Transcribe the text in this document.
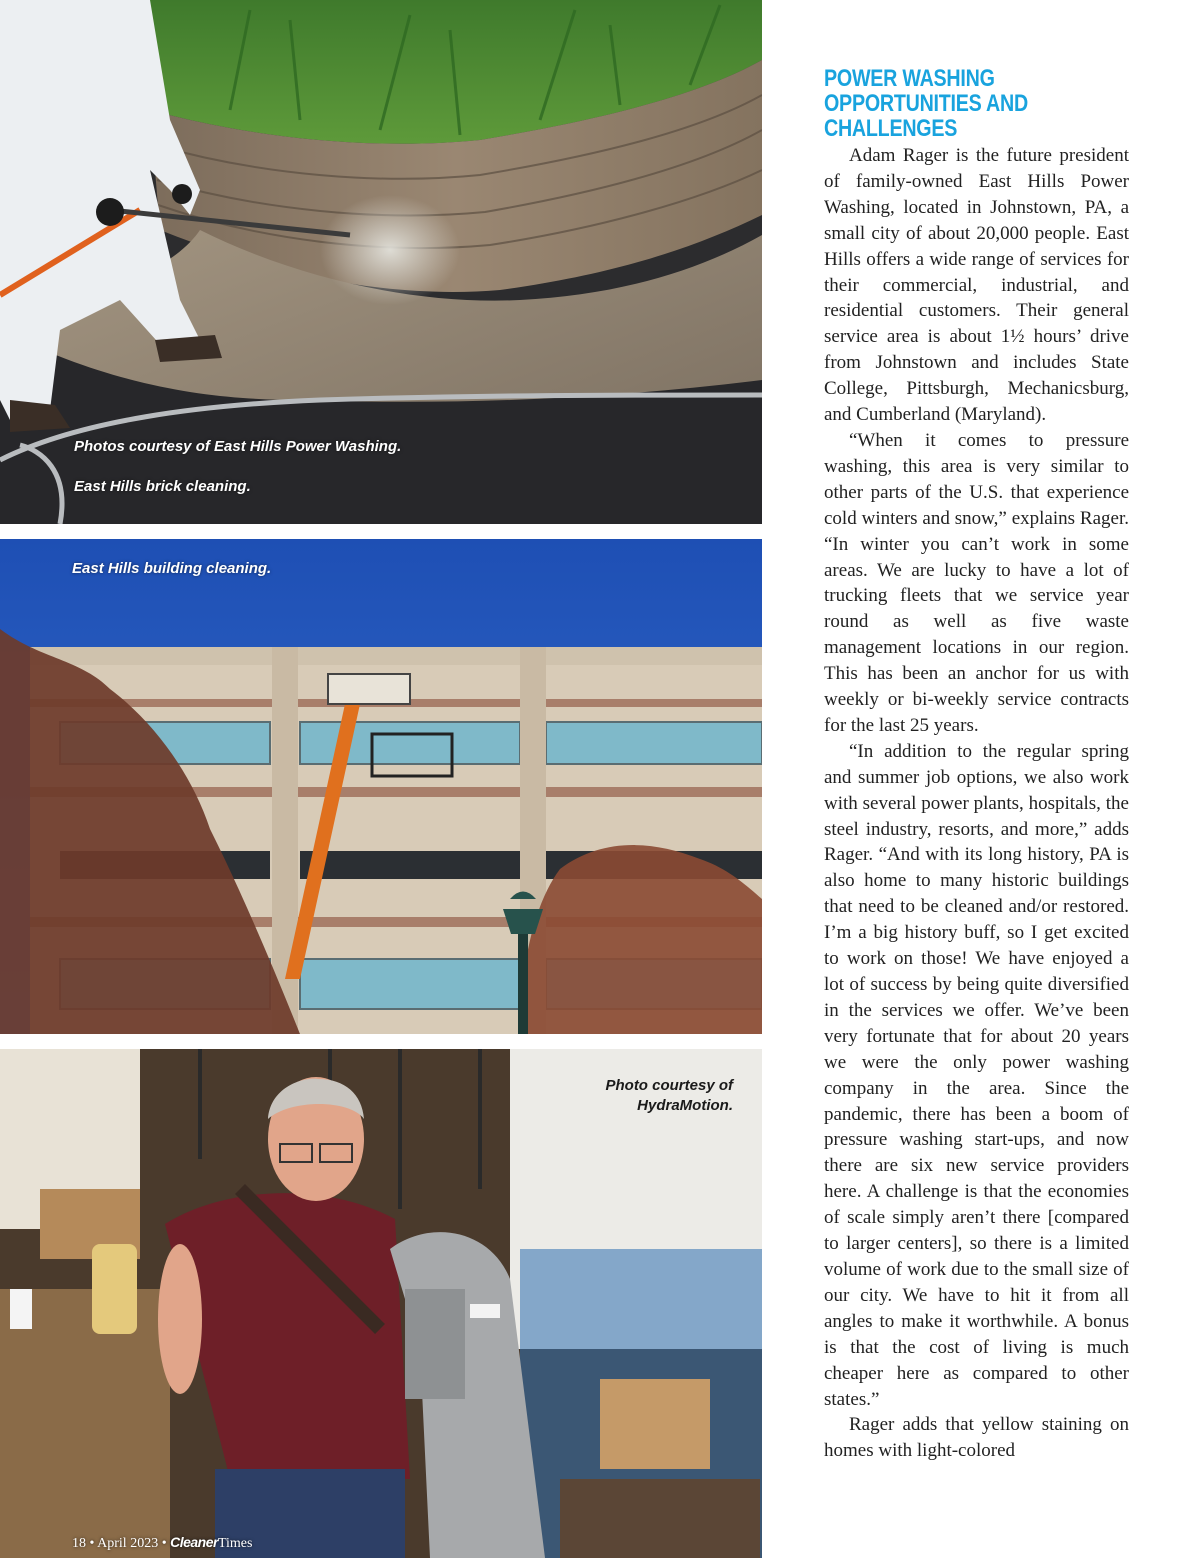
Photos courtesy of East Hills Power Washing.
East Hills brick cleaning.
East Hills building cleaning.
Photo courtesy of HydraMotion.
18 • April 2023 • CleanerTimes
POWER WASHING OPPORTUNITIES AND CHALLENGES

Adam Rager is the future president of family-owned East Hills Power Washing, located in Johnstown, PA, a small city of about 20,000 people. East Hills offers a wide range of services for their commercial, industrial, and residential customers. Their general service area is about 1½ hours’ drive from Johnstown and includes State College, Pittsburgh, Mechanicsburg, and Cumberland (Maryland).

“When it comes to pressure washing, this area is very similar to other parts of the U.S. that experience cold winters and snow,” explains Rager. “In winter you can’t work in some areas. We are lucky to have a lot of trucking fleets that we service year round as well as five waste management locations in our region. This has been an anchor for us with weekly or bi-weekly service contracts for the last 25 years.

“In addition to the regular spring and summer job options, we also work with several power plants, hospitals, the steel industry, resorts, and more,” adds Rager. “And with its long history, PA is also home to many historic buildings that need to be cleaned and/or restored. I’m a big history buff, so I get excited to work on those! We have enjoyed a lot of success by being quite diversified in the services we offer. We’ve been very fortunate that for about 20 years we were the only power washing company in the area. Since the pandemic, there has been a boom of pressure washing start-ups, and now there are six new service providers here. A challenge is that the economies of scale simply aren’t there [compared to larger centers], so there is a limited volume of work due to the small size of our city. We have to hit it from all angles to make it worthwhile. A bonus is that the cost of living is much cheaper here as compared to other states.”

Rager adds that yellow staining on homes with light-colored
